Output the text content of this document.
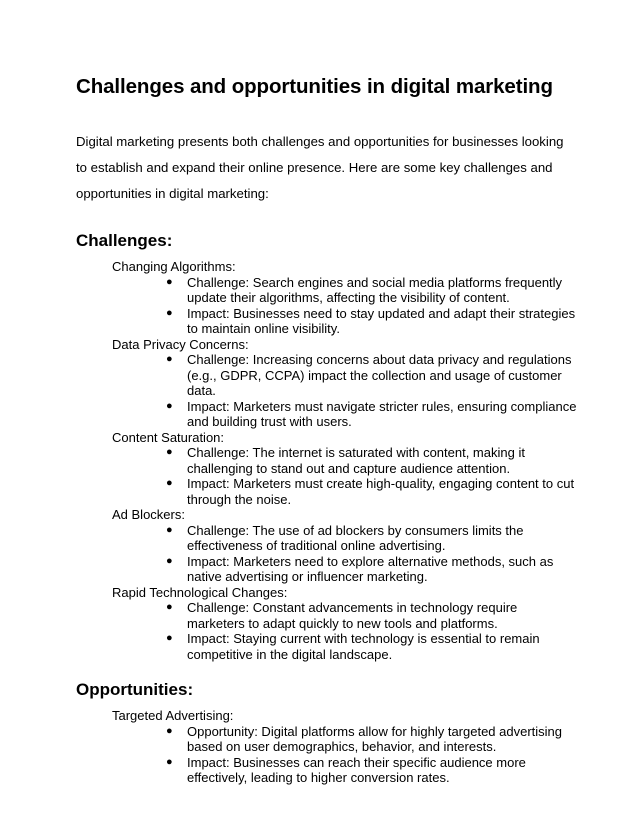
Challenges and opportunities in digital marketing

Digital marketing presents both challenges and opportunities for businesses looking to establish and expand their online presence. Here are some key challenges and opportunities in digital marketing:

Challenges:

Changing Algorithms:

● Challenge: Search engines and social media platforms frequently update their algorithms, affecting the visibility of content.
● Impact: Businesses need to stay updated and adapt their strategies to maintain online visibility.

Data Privacy Concerns:

● Challenge: Increasing concerns about data privacy and regulations (e.g., GDPR, CCPA) impact the collection and usage of customer data.
● Impact: Marketers must navigate stricter rules, ensuring compliance and building trust with users.

Content Saturation:

● Challenge: The internet is saturated with content, making it challenging to stand out and capture audience attention.
● Impact: Marketers must create high-quality, engaging content to cut through the noise.

Ad Blockers:

● Challenge: The use of ad blockers by consumers limits the effectiveness of traditional online advertising.
● Impact: Marketers need to explore alternative methods, such as native advertising or influencer marketing.

Rapid Technological Changes:

● Challenge: Constant advancements in technology require marketers to adapt quickly to new tools and platforms.
● Impact: Staying current with technology is essential to remain competitive in the digital landscape.
Opportunities:

Targeted Advertising:

● Opportunity: Digital platforms allow for highly targeted advertising based on user demographics, behavior, and interests.
● Impact: Businesses can reach their specific audience more effectively, leading to higher conversion rates.
